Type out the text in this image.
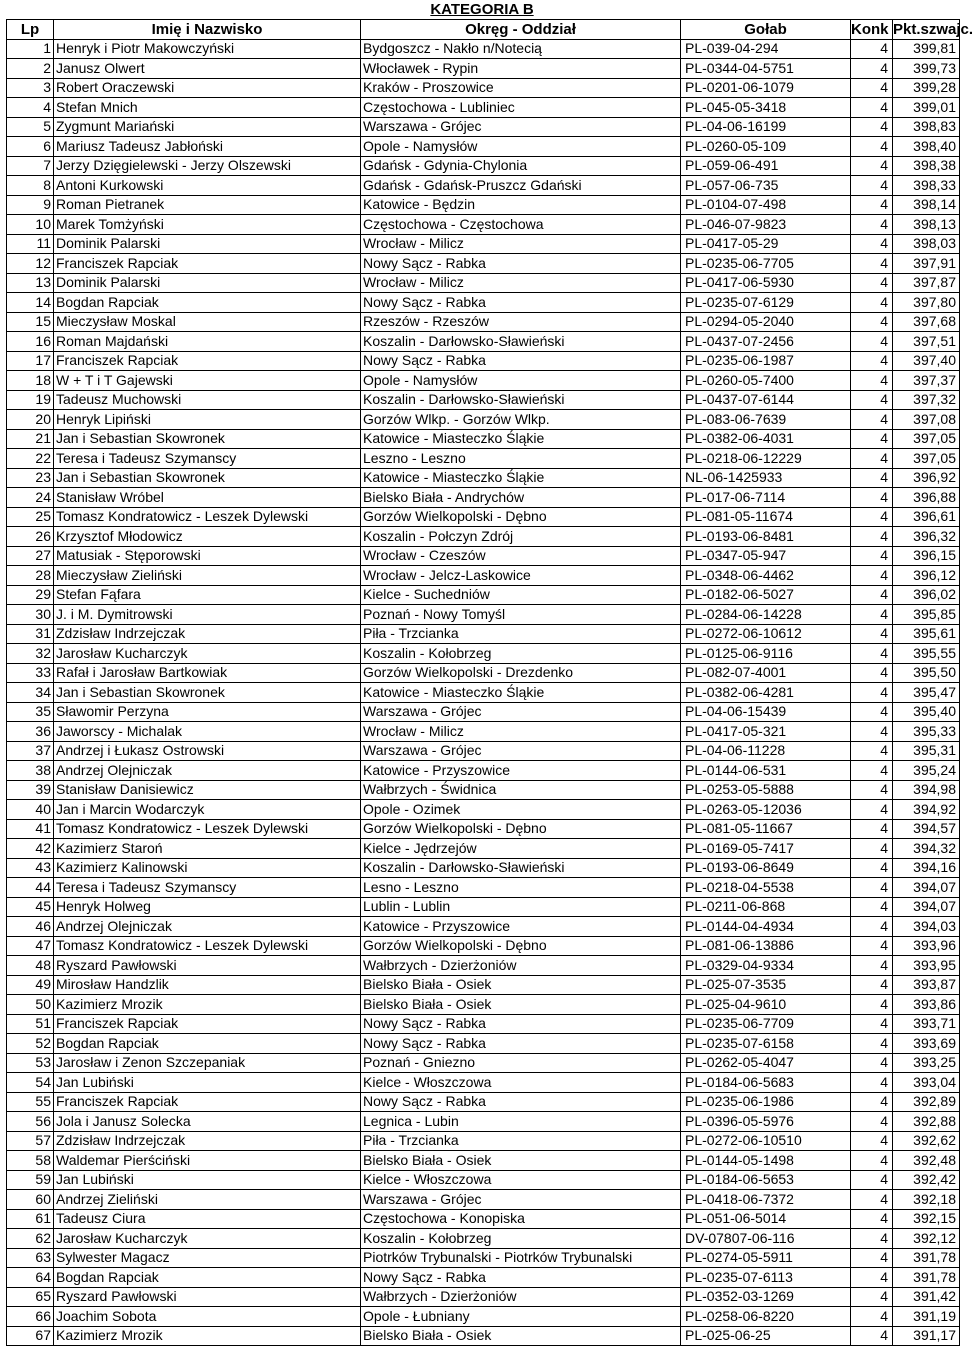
KATEGORIA B
Lp	Imię i Nazwisko	Okręg - Oddział	Gołab	Konk	Pkt.szwajc.
1	Henryk i Piotr Makowczyński	Bydgoszcz - Nakło n/Notecią	PL-039-04-294	4	399,81
2	Janusz Olwert	Włocławek - Rypin	PL-0344-04-5751	4	399,73
3	Robert Oraczewski	Kraków - Proszowice	PL-0201-06-1079	4	399,28
4	Stefan Mnich	Częstochowa - Lubliniec	PL-045-05-3418	4	399,01
5	Zygmunt Mariański	Warszawa - Grójec	PL-04-06-16199	4	398,83
6	Mariusz Tadeusz Jabłoński	Opole - Namysłów	PL-0260-05-109	4	398,40
7	Jerzy Dzięgielewski - Jerzy Olszewski	Gdańsk - Gdynia-Chylonia	PL-059-06-491	4	398,38
8	Antoni Kurkowski	Gdańsk - Gdańsk-Pruszcz Gdański	PL-057-06-735	4	398,33
9	Roman Pietranek	Katowice - Będzin	PL-0104-07-498	4	398,14
10	Marek Tomżyński	Częstochowa - Częstochowa	PL-046-07-9823	4	398,13
11	Dominik Palarski	Wrocław - Milicz	PL-0417-05-29	4	398,03
12	Franciszek Rapciak	Nowy Sącz - Rabka	PL-0235-06-7705	4	397,91
13	Dominik Palarski	Wrocław - Milicz	PL-0417-06-5930	4	397,87
14	Bogdan Rapciak	Nowy Sącz - Rabka	PL-0235-07-6129	4	397,80
15	Mieczysław Moskal	Rzeszów - Rzeszów	PL-0294-05-2040	4	397,68
16	Roman Majdański	Koszalin - Darłowsko-Sławieński	PL-0437-07-2456	4	397,51
17	Franciszek Rapciak	Nowy Sącz - Rabka	PL-0235-06-1987	4	397,40
18	W + T i T Gajewski	Opole - Namysłów	PL-0260-05-7400	4	397,37
19	Tadeusz Muchowski	Koszalin - Darłowsko-Sławieński	PL-0437-07-6144	4	397,32
20	Henryk Lipiński	Gorzów Wlkp. - Gorzów Wlkp.	PL-083-06-7639	4	397,08
21	Jan i Sebastian Skowronek	Katowice - Miasteczko Śląkie	PL-0382-06-4031	4	397,05
22	Teresa i Tadeusz Szymanscy	Leszno - Leszno	PL-0218-06-12229	4	397,05
23	Jan i Sebastian Skowronek	Katowice - Miasteczko Śląkie	NL-06-1425933	4	396,92
24	Stanisław Wróbel	Bielsko Biała - Andrychów	PL-017-06-7114	4	396,88
25	Tomasz Kondratowicz - Leszek Dylewski	Gorzów Wielkopolski - Dębno	PL-081-05-11674	4	396,61
26	Krzysztof Młodowicz	Koszalin - Połczyn Zdrój	PL-0193-06-8481	4	396,32
27	Matusiak - Stęporowski	Wrocław - Czeszów	PL-0347-05-947	4	396,15
28	Mieczysław Zieliński	Wrocław - Jelcz-Laskowice	PL-0348-06-4462	4	396,12
29	Stefan Fąfara	Kielce - Suchedniów	PL-0182-06-5027	4	396,02
30	J. i M. Dymitrowski	Poznań - Nowy Tomyśl	PL-0284-06-14228	4	395,85
31	Zdzisław Indrzejczak	Piła - Trzcianka	PL-0272-06-10612	4	395,61
32	Jarosław Kucharczyk	Koszalin - Kołobrzeg	PL-0125-06-9116	4	395,55
33	Rafał i Jarosław Bartkowiak	Gorzów Wielkopolski - Drezdenko	PL-082-07-4001	4	395,50
34	Jan i Sebastian Skowronek	Katowice - Miasteczko Śląkie	PL-0382-06-4281	4	395,47
35	Sławomir Perzyna	Warszawa - Grójec	PL-04-06-15439	4	395,40
36	Jaworscy - Michalak	Wrocław - Milicz	PL-0417-05-321	4	395,33
37	Andrzej i Łukasz Ostrowski	Warszawa - Grójec	PL-04-06-11228	4	395,31
38	Andrzej Olejniczak	Katowice - Przyszowice	PL-0144-06-531	4	395,24
39	Stanisław Danisiewicz	Wałbrzych - Świdnica	PL-0253-05-5888	4	394,98
40	Jan i Marcin Wodarczyk	Opole - Ozimek	PL-0263-05-12036	4	394,92
41	Tomasz Kondratowicz - Leszek Dylewski	Gorzów Wielkopolski - Dębno	PL-081-05-11667	4	394,57
42	Kazimierz Staroń	Kielce - Jędrzejów	PL-0169-05-7417	4	394,32
43	Kazimierz Kalinowski	Koszalin - Darłowsko-Sławieński	PL-0193-06-8649	4	394,16
44	Teresa i Tadeusz Szymanscy	Lesno - Leszno	PL-0218-04-5538	4	394,07
45	Henryk Holweg	Lublin - Lublin	PL-0211-06-868	4	394,07
46	Andrzej Olejniczak	Katowice - Przyszowice	PL-0144-04-4934	4	394,03
47	Tomasz Kondratowicz - Leszek Dylewski	Gorzów Wielkopolski - Dębno	PL-081-06-13886	4	393,96
48	Ryszard Pawłowski	Wałbrzych - Dzierżoniów	PL-0329-04-9334	4	393,95
49	Mirosław Handzlik	Bielsko Biała - Osiek	PL-025-07-3535	4	393,87
50	Kazimierz Mrozik	Bielsko Biała - Osiek	PL-025-04-9610	4	393,86
51	Franciszek Rapciak	Nowy Sącz - Rabka	PL-0235-06-7709	4	393,71
52	Bogdan Rapciak	Nowy Sącz - Rabka	PL-0235-07-6158	4	393,69
53	Jarosław i Zenon Szczepaniak	Poznań - Gniezno	PL-0262-05-4047	4	393,25
54	Jan Lubiński	Kielce - Włoszczowa	PL-0184-06-5683	4	393,04
55	Franciszek Rapciak	Nowy Sącz - Rabka	PL-0235-06-1986	4	392,89
56	Jola i Janusz Solecka	Legnica - Lubin	PL-0396-05-5976	4	392,88
57	Zdzisław Indrzejczak	Piła - Trzcianka	PL-0272-06-10510	4	392,62
58	Waldemar Pierściński	Bielsko Biała - Osiek	PL-0144-05-1498	4	392,48
59	Jan Lubiński	Kielce - Włoszczowa	PL-0184-06-5653	4	392,42
60	Andrzej Zieliński	Warszawa - Grójec	PL-0418-06-7372	4	392,18
61	Tadeusz Ciura	Częstochowa - Konopiska	PL-051-06-5014	4	392,15
62	Jarosław Kucharczyk	Koszalin - Kołobrzeg	DV-07807-06-116	4	392,12
63	Sylwester Magacz	Piotrków Trybunalski - Piotrków Trybunalski	PL-0274-05-5911	4	391,78
64	Bogdan Rapciak	Nowy Sącz - Rabka	PL-0235-07-6113	4	391,78
65	Ryszard Pawłowski	Wałbrzych - Dzierżoniów	PL-0352-03-1269	4	391,42
66	Joachim Sobota	Opole - Łubniany	PL-0258-06-8220	4	391,19
67	Kazimierz Mrozik	Bielsko Biała - Osiek	PL-025-06-25	4	391,17
